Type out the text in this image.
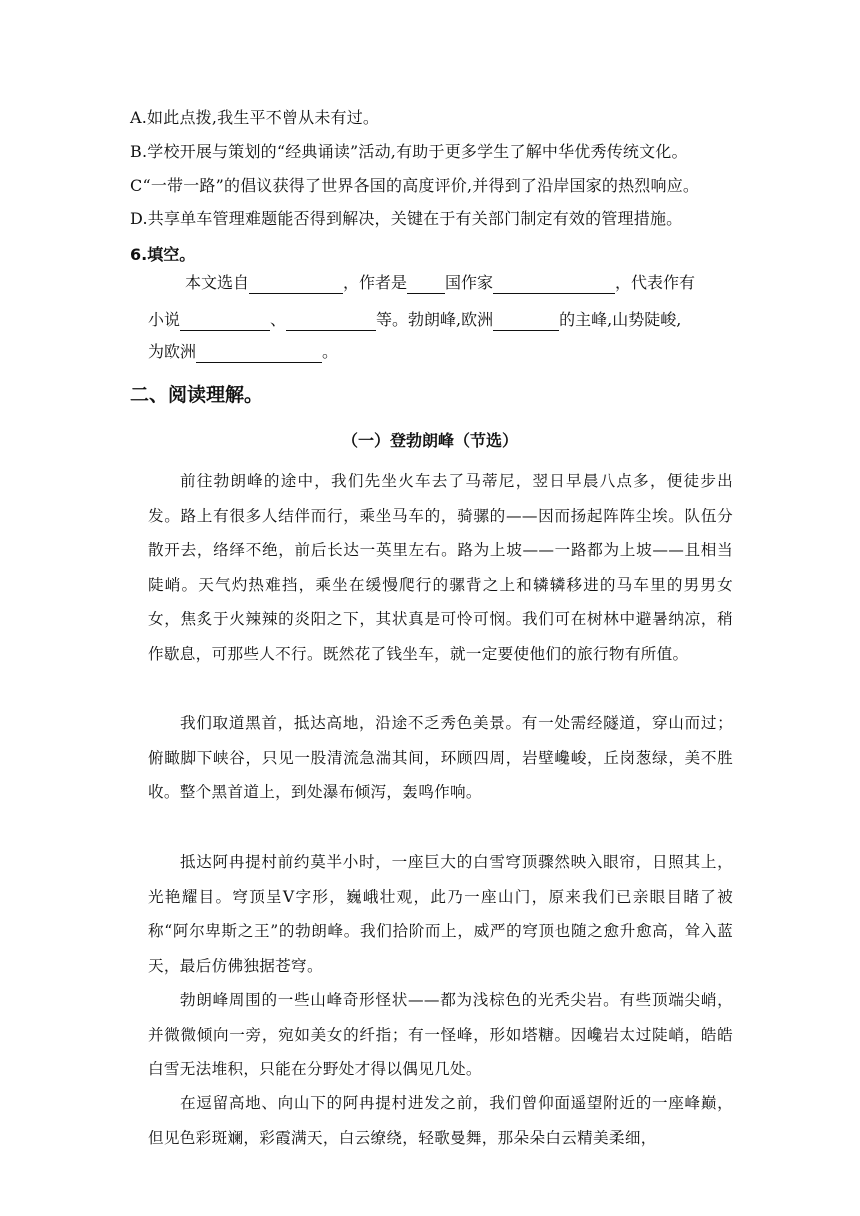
A.如此点拨,我生平不曾从未有过。
B.学校开展与策划的“经典诵读”活动,有助于更多学生了解中华优秀传统文化。
C“一带一路”的倡议获得了世界各国的高度评价,并得到了沿岸国家的热烈响应。
D.共享单车管理难题能否得到解决，关键在于有关部门制定有效的管理措施。
6.填空。
本文选自	，作者是 国作家	，代表作有
小说	、	等。勃朗峰,欧洲	的主峰,山势陡峻,
为欧洲	。
二、阅读理解。
（一）登勃朗峰（节选）

前往勃朗峰的途中，我们先坐火车去了马蒂尼，翌日早晨八点多，便徒步出发。路上有很多人结伴而行，乘坐马车的，骑骡的——因而扬起阵阵尘埃。队伍分散开去，络绎不绝，前后长达一英里左右。路为上坡——一路都为上坡——且相当陡峭。天气灼热难挡，乘坐在缓慢爬行的骡背之上和辚辚移进的马车里的男男女女，焦炙于火辣辣的炎阳之下，其状真是可怜可悯。我们可在树林中避暑纳凉，稍作歇息，可那些人不行。既然花了钱坐车，就一定要使他们的旅行物有所值。

我们取道黑首，抵达高地，沿途不乏秀色美景。有一处需经隧道，穿山而过；俯瞰脚下峡谷，只见一股清流急湍其间，环顾四周，岩壁巉峻，丘岗葱绿，美不胜收。整个黑首道上，到处瀑布倾泻，轰鸣作响。

抵达阿冉提村前约莫半小时，一座巨大的白雪穹顶骤然映入眼帘，日照其上，光艳耀目。穹顶呈Ⅴ字形，巍峨壮观，此乃一座山门，原来我们已亲眼目睹了被称“阿尔卑斯之王”的勃朗峰。我们拾阶而上，威严的穹顶也随之愈升愈高，耸入蓝天，最后仿佛独据苍穹。

勃朗峰周围的一些山峰奇形怪状——都为浅棕色的光秃尖岩。有些顶端尖峭，并微微倾向一旁，宛如美女的纤指；有一怪峰，形如塔糖。因巉岩太过陡峭，皓皓白雪无法堆积，只能在分野处才得以偶见几处。

在逗留高地、向山下的阿冉提村进发之前，我们曾仰面遥望附近的一座峰巅，但见色彩斑斓，彩霞满天，白云缭绕，轻歌曼舞，那朵朵白云精美柔细，
